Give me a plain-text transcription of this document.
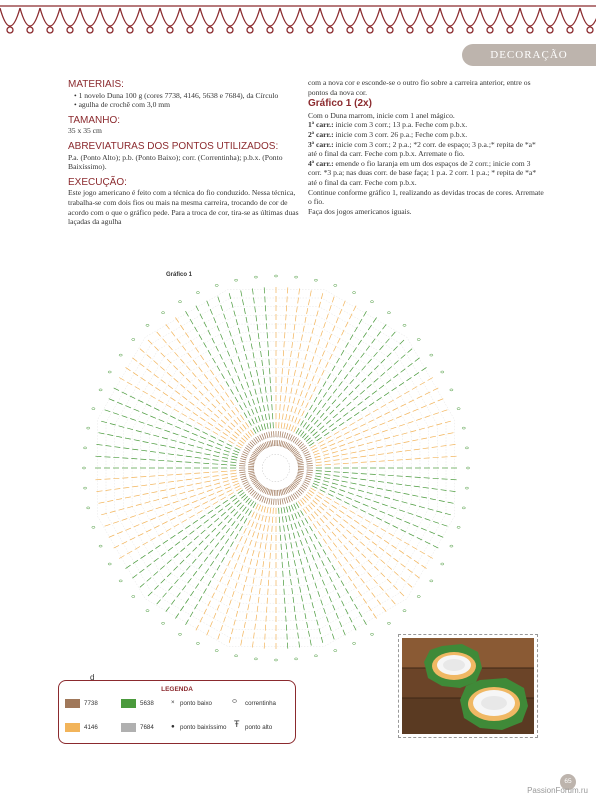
DECORAÇÃO
MATERIAIS:
• 1 novelo Duna 100 g (cores 7738, 4146, 5638 e 7684), da Círculo
• agulha de crochê com 3,0 mm
TAMANHO:

35 x 35 cm

ABREVIATURAS DOS PONTOS UTILIZADOS:

P.a. (Ponto Alto); p.b. (Ponto Baixo); corr. (Correntinha); p.b.x. (Ponto Baixíssimo).

EXECUÇÃO:

Este jogo americano é feito com a técnica do fio conduzido. Nessa técnica, trabalha-se com dois fios ou mais na mesma carreira, trocando de cor de acordo com o que o gráfico pede. Para a troca de cor, tira-se as últimas duas laçadas da agulha

com a nova cor e esconde-se o outro fio sobre a carreira anterior, entre os pontos da nova cor.

Gráfico 1 (2x)

Com o Duna marrom, inicie com 1 anel mágico.

1ª carr.: inicie com 3 corr.; 13 p.a. Feche com p.b.x.

2ª carr.: inicie com 3 corr. 26 p.a.; Feche com p.b.x.

3ª carr.: inicie com 3 corr.; 2 p.a.; *2 corr. de espaço; 3 p.a.;* repita de *a* até o final da carr. Feche com p.b.x. Arremate o fio.

4ª carr.: emende o fio laranja em um dos espaços de 2 corr.; inicie com 3 corr. *3 p.a; nas duas corr. de base faça; 1 p.a. 2 corr. 1 p.a.; * repita de *a* até o final da carr. Feche com p.b.x.

Continue conforme gráfico 1, realizando as devidas trocas de cores. Arremate o fio.

Faça dos jogos americanos iguais.

Gráfico 1
LEGENDA
7738
4146
5638
7684
× ponto baixo
● ponto baixíssimo
⬭ correntinha
Ŧ ponto alto
d
65
PassionForum.ru
